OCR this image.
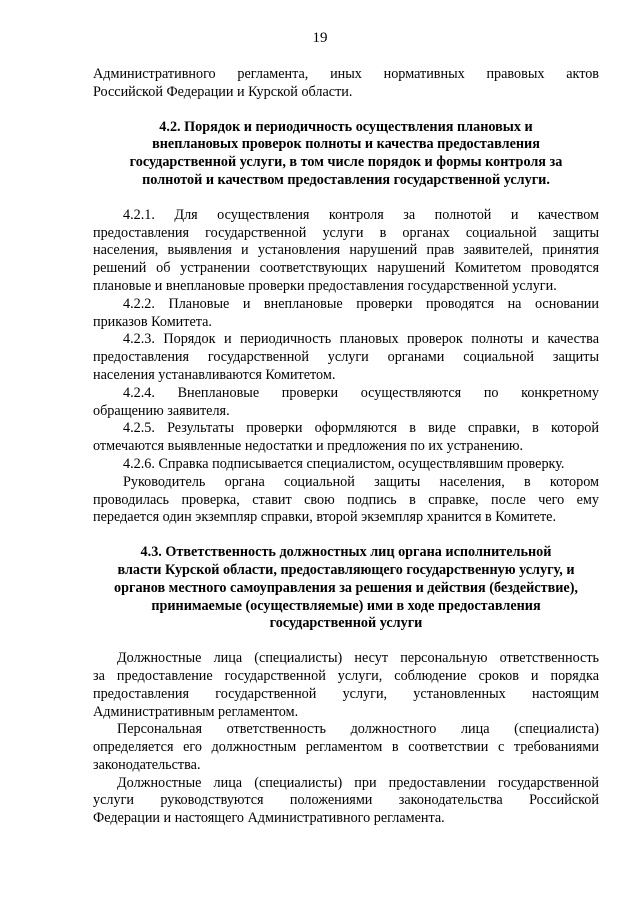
19
Административного регламента, иных нормативных правовых актов
Российской Федерации и Курской области.
4.2. Порядок и периодичность осуществления плановых и
внеплановых проверок полноты и качества предоставления
государственной услуги, в том числе порядок и формы контроля за
полнотой и качеством предоставления государственной услуги.
4.2.1. Для осуществления контроля за полнотой и качеством
предоставления государственной услуги в органах социальной защиты
населения, выявления и установления нарушений прав заявителей, принятия
решений об устранении соответствующих нарушений Комитетом проводятся
плановые и внеплановые проверки предоставления государственной услуги.
4.2.2. Плановые и внеплановые проверки проводятся на основании
приказов Комитета.
4.2.3. Порядок и периодичность плановых проверок полноты и качества
предоставления государственной услуги органами социальной защиты
населения устанавливаются Комитетом.
4.2.4. Внеплановые проверки осуществляются по конкретному
обращению заявителя.
4.2.5. Результаты проверки оформляются в виде справки, в которой
отмечаются выявленные недостатки и предложения по их устранению.
4.2.6. Справка подписывается специалистом, осуществлявшим проверку.
Руководитель органа социальной защиты населения, в котором
проводилась проверка, ставит свою подпись в справке, после чего ему
передается один экземпляр справки, второй экземпляр хранится в Комитете.
4.3. Ответственность должностных лиц органа исполнительной
власти Курской области, предоставляющего государственную услугу, и
органов местного самоуправления за решения и действия (бездействие),
принимаемые (осуществляемые) ими в ходе предоставления
государственной услуги
Должностные лица (специалисты) несут персональную ответственность
за предоставление государственной услуги, соблюдение сроков и порядка
предоставления государственной услуги, установленных настоящим
Административным регламентом.
Персональная ответственность должностного лица (специалиста)
определяется его должностным регламентом в соответствии с требованиями
законодательства.
Должностные лица (специалисты) при предоставлении государственной
услуги руководствуются положениями законодательства Российской
Федерации и настоящего Административного регламента.
